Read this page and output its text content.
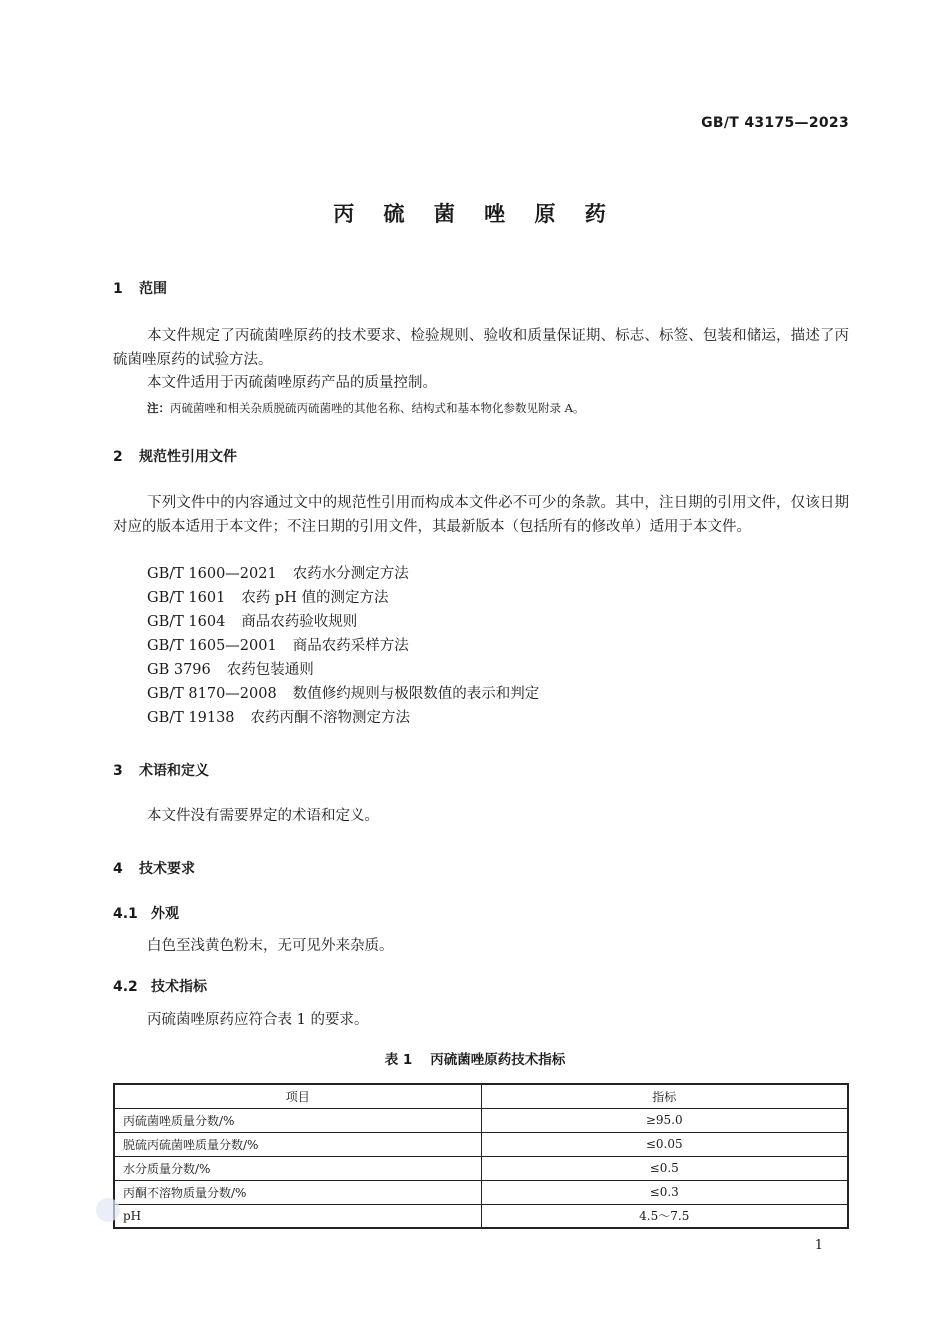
GB/T 43175—2023
丙 硫 菌 唑 原 药
1 范围
本文件规定了丙硫菌唑原药的技术要求、检验规则、验收和质量保证期、标志、标签、包装和储运，描述了丙硫菌唑原药的试验方法。
本文件适用于丙硫菌唑原药产品的质量控制。
注：丙硫菌唑和相关杂质脱硫丙硫菌唑的其他名称、结构式和基本物化参数见附录 A。
2 规范性引用文件
下列文件中的内容通过文中的规范性引用而构成本文件必不可少的条款。其中，注日期的引用文件，仅该日期对应的版本适用于本文件；不注日期的引用文件，其最新版本（包括所有的修改单）适用于本文件。
GB/T 1600—2021 农药水分测定方法
GB/T 1601 农药 pH 值的测定方法
GB/T 1604 商品农药验收规则
GB/T 1605—2001 商品农药采样方法
GB 3796 农药包装通则
GB/T 8170—2008 数值修约规则与极限数值的表示和判定
GB/T 19138 农药丙酮不溶物测定方法
3 术语和定义
本文件没有需要界定的术语和定义。
4 技术要求
4.1 外观
白色至浅黄色粉末，无可见外来杂质。
4.2 技术指标
丙硫菌唑原药应符合表 1 的要求。
表 1 丙硫菌唑原药技术指标
项目	指标
丙硫菌唑质量分数/%	≥95.0
脱硫丙硫菌唑质量分数/%	≤0.05
水分质量分数/%	≤0.5
丙酮不溶物质量分数/%	≤0.3
pH	4.5～7.5
1
